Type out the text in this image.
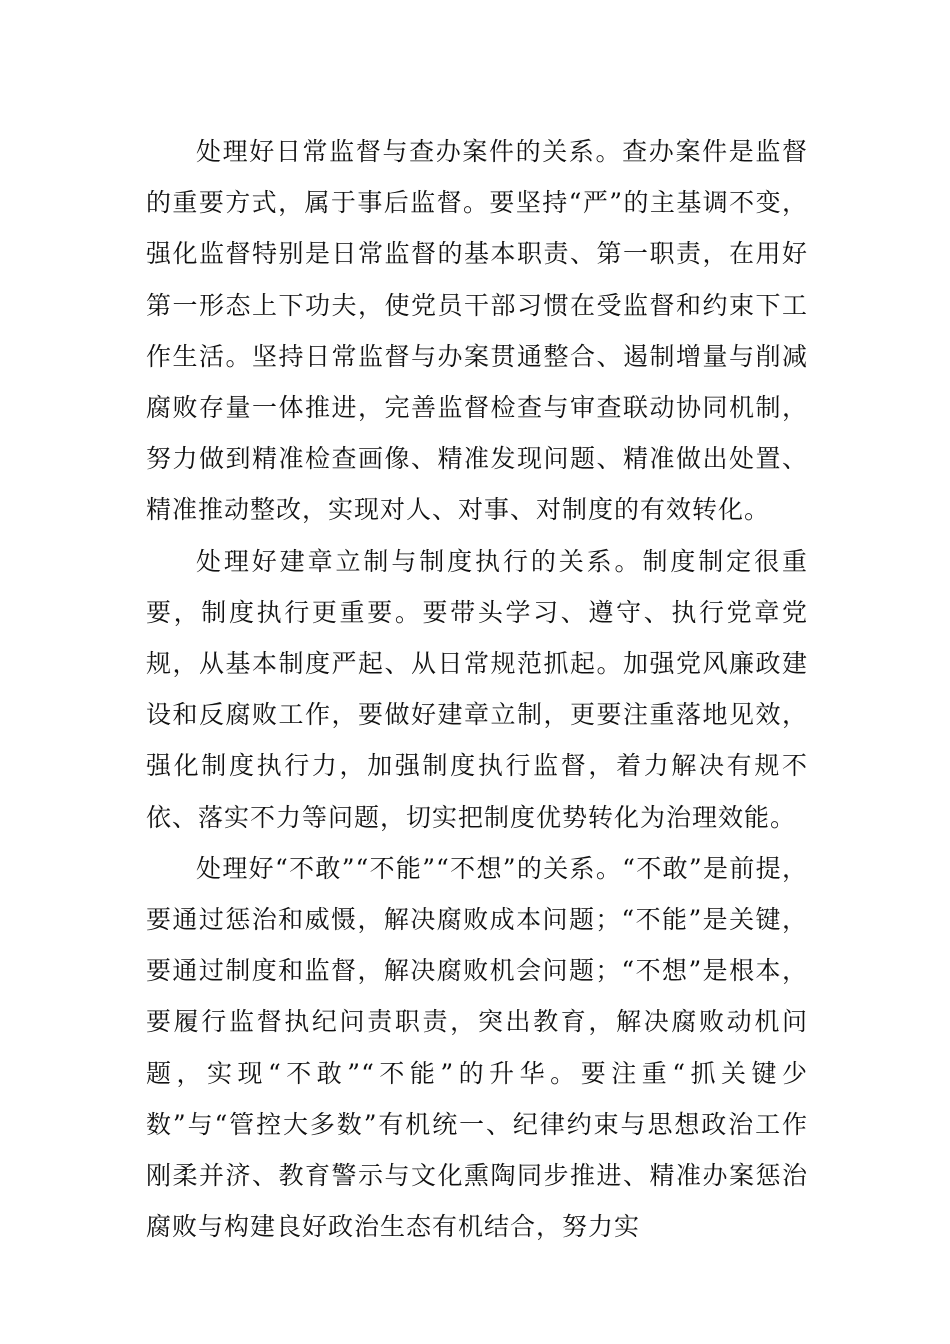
处理好日常监督与查办案件的关系。查办案件是监督的重要方式，属于事后监督。要坚持“严”的主基调不变，强化监督特别是日常监督的基本职责、第一职责，在用好第一形态上下功夫，使党员干部习惯在受监督和约束下工作生活。坚持日常监督与办案贯通整合、遏制增量与削减腐败存量一体推进，完善监督检查与审查联动协同机制，努力做到精准检查画像、精准发现问题、精准做出处置、精准推动整改，实现对人、对事、对制度的有效转化。

处理好建章立制与制度执行的关系。制度制定很重要，制度执行更重要。要带头学习、遵守、执行党章党规，从基本制度严起、从日常规范抓起。加强党风廉政建设和反腐败工作，要做好建章立制，更要注重落地见效，强化制度执行力，加强制度执行监督，着力解决有规不依、落实不力等问题，切实把制度优势转化为治理效能。

处理好“不敢”“不能”“不想”的关系。“不敢”是前提，要通过惩治和威慑，解决腐败成本问题；“不能”是关键，要通过制度和监督，解决腐败机会问题；“不想”是根本，要履行监督执纪问责职责，突出教育，解决腐败动机问题，实现“不敢”“不能”的升华。要注重“抓关键少数”与“管控大多数”有机统一、纪律约束与思想政治工作刚柔并济、教育警示与文化熏陶同步推进、精准办案惩治腐败与构建良好政治生态有机结合，努力实
